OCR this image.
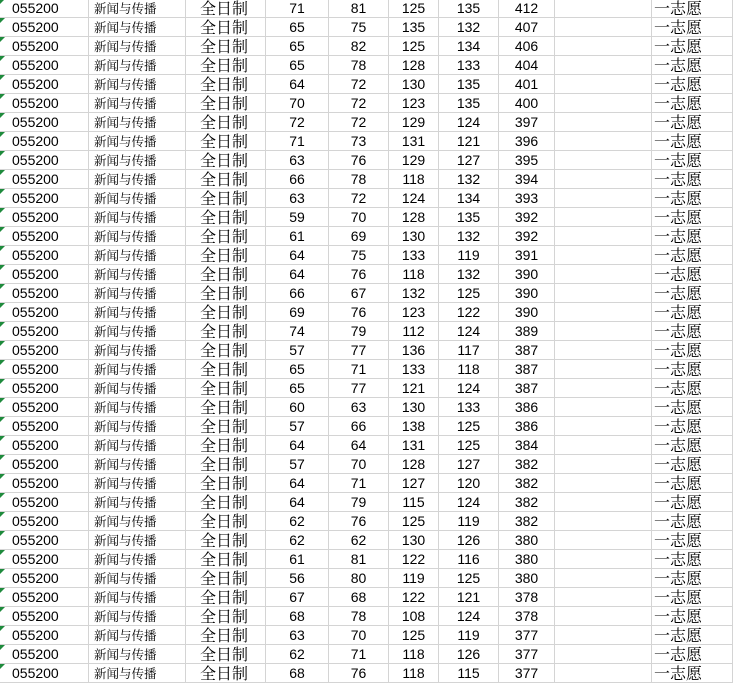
055200	新闻与传播	全日制	71	81	125	135	412	一志愿
055200	新闻与传播	全日制	65	75	135	132	407	一志愿
055200	新闻与传播	全日制	65	82	125	134	406	一志愿
055200	新闻与传播	全日制	65	78	128	133	404	一志愿
055200	新闻与传播	全日制	64	72	130	135	401	一志愿
055200	新闻与传播	全日制	70	72	123	135	400	一志愿
055200	新闻与传播	全日制	72	72	129	124	397	一志愿
055200	新闻与传播	全日制	71	73	131	121	396	一志愿
055200	新闻与传播	全日制	63	76	129	127	395	一志愿
055200	新闻与传播	全日制	66	78	118	132	394	一志愿
055200	新闻与传播	全日制	63	72	124	134	393	一志愿
055200	新闻与传播	全日制	59	70	128	135	392	一志愿
055200	新闻与传播	全日制	61	69	130	132	392	一志愿
055200	新闻与传播	全日制	64	75	133	119	391	一志愿
055200	新闻与传播	全日制	64	76	118	132	390	一志愿
055200	新闻与传播	全日制	66	67	132	125	390	一志愿
055200	新闻与传播	全日制	69	76	123	122	390	一志愿
055200	新闻与传播	全日制	74	79	112	124	389	一志愿
055200	新闻与传播	全日制	57	77	136	117	387	一志愿
055200	新闻与传播	全日制	65	71	133	118	387	一志愿
055200	新闻与传播	全日制	65	77	121	124	387	一志愿
055200	新闻与传播	全日制	60	63	130	133	386	一志愿
055200	新闻与传播	全日制	57	66	138	125	386	一志愿
055200	新闻与传播	全日制	64	64	131	125	384	一志愿
055200	新闻与传播	全日制	57	70	128	127	382	一志愿
055200	新闻与传播	全日制	64	71	127	120	382	一志愿
055200	新闻与传播	全日制	64	79	115	124	382	一志愿
055200	新闻与传播	全日制	62	76	125	119	382	一志愿
055200	新闻与传播	全日制	62	62	130	126	380	一志愿
055200	新闻与传播	全日制	61	81	122	116	380	一志愿
055200	新闻与传播	全日制	56	80	119	125	380	一志愿
055200	新闻与传播	全日制	67	68	122	121	378	一志愿
055200	新闻与传播	全日制	68	78	108	124	378	一志愿
055200	新闻与传播	全日制	63	70	125	119	377	一志愿
055200	新闻与传播	全日制	62	71	118	126	377	一志愿
055200	新闻与传播	全日制	68	76	118	115	377	一志愿
